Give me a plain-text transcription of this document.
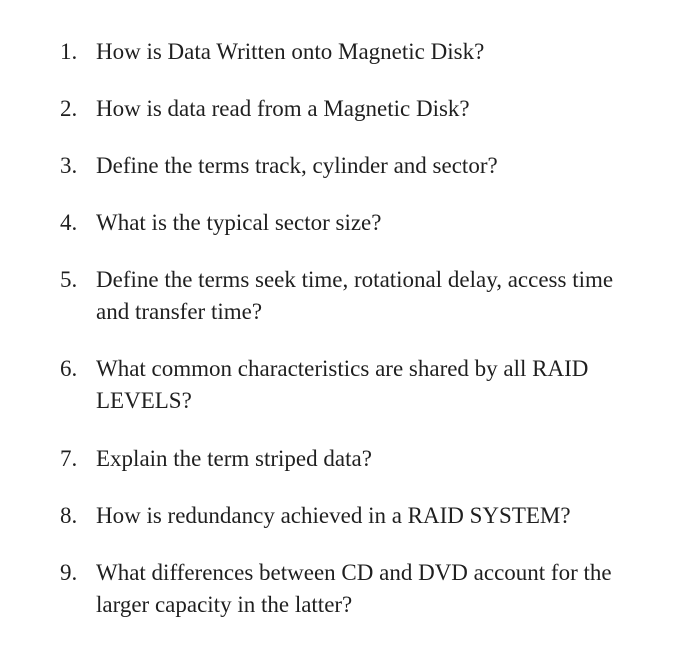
1. How is Data Written onto Magnetic Disk?
2. How is data read from a Magnetic Disk?
3. Define the terms track, cylinder and sector?
4. What is the typical sector size?
5. Define the terms seek time, rotational delay, access time
and transfer time?
6. What common characteristics are shared by all RAID
LEVELS?
7. Explain the term striped data?
8. How is redundancy achieved in a RAID SYSTEM?
9. What differences between CD and DVD account for the
larger capacity in the latter?
